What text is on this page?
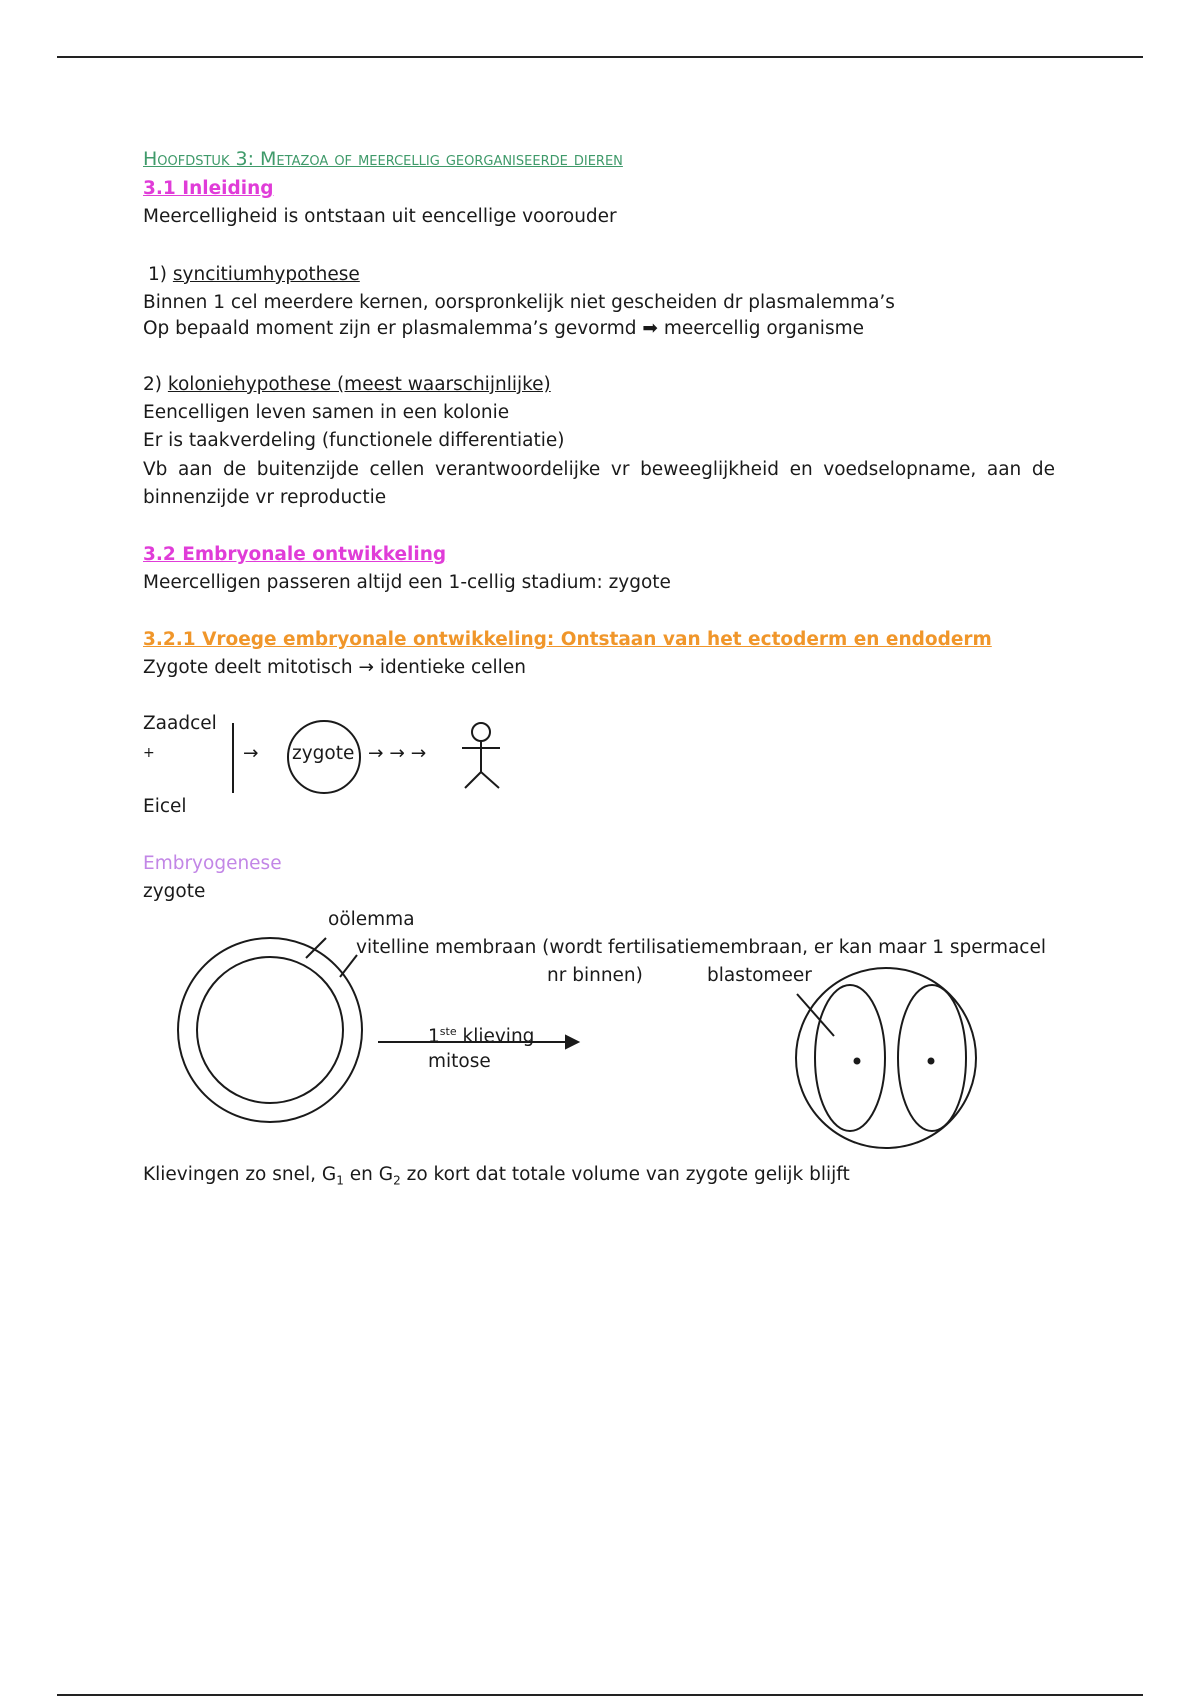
Hoofdstuk 3: Metazoa of meercellig georganiseerde dieren
3.1 Inleiding
Meercelligheid is ontstaan uit eencellige voorouder
1) syncitiumhypothese
Binnen 1 cel meerdere kernen, oorspronkelijk niet gescheiden dr plasmalemma’s
Op bepaald moment zijn er plasmalemma’s gevormd ➡ meercellig organisme
2) koloniehypothese (meest waarschijnlijke)
Eencelligen leven samen in een kolonie
Er is taakverdeling (functionele differentiatie)
Vb aan de buitenzijde cellen verantwoordelijke vr beweeglijkheid en voedselopname, aan de binnenzijde vr reproductie
3.2 Embryonale ontwikkeling
Meercelligen passeren altijd een 1-cellig stadium: zygote
3.2.1 Vroege embryonale ontwikkeling: Ontstaan van het ectoderm en endoderm
Zygote deelt mitotisch → identieke cellen
Zaadcel
+
Eicel
→ zygote → → →
Embryogenese
zygote
oölemma
vitelline membraan (wordt fertilisatiemembraan, er kan maar 1 spermacel
nr binnen)	blastomeer
1ste klieving
mitose
Klievingen zo snel, $G_1$ en $G_2$ zo kort dat totale volume van zygote gelijk blijft
